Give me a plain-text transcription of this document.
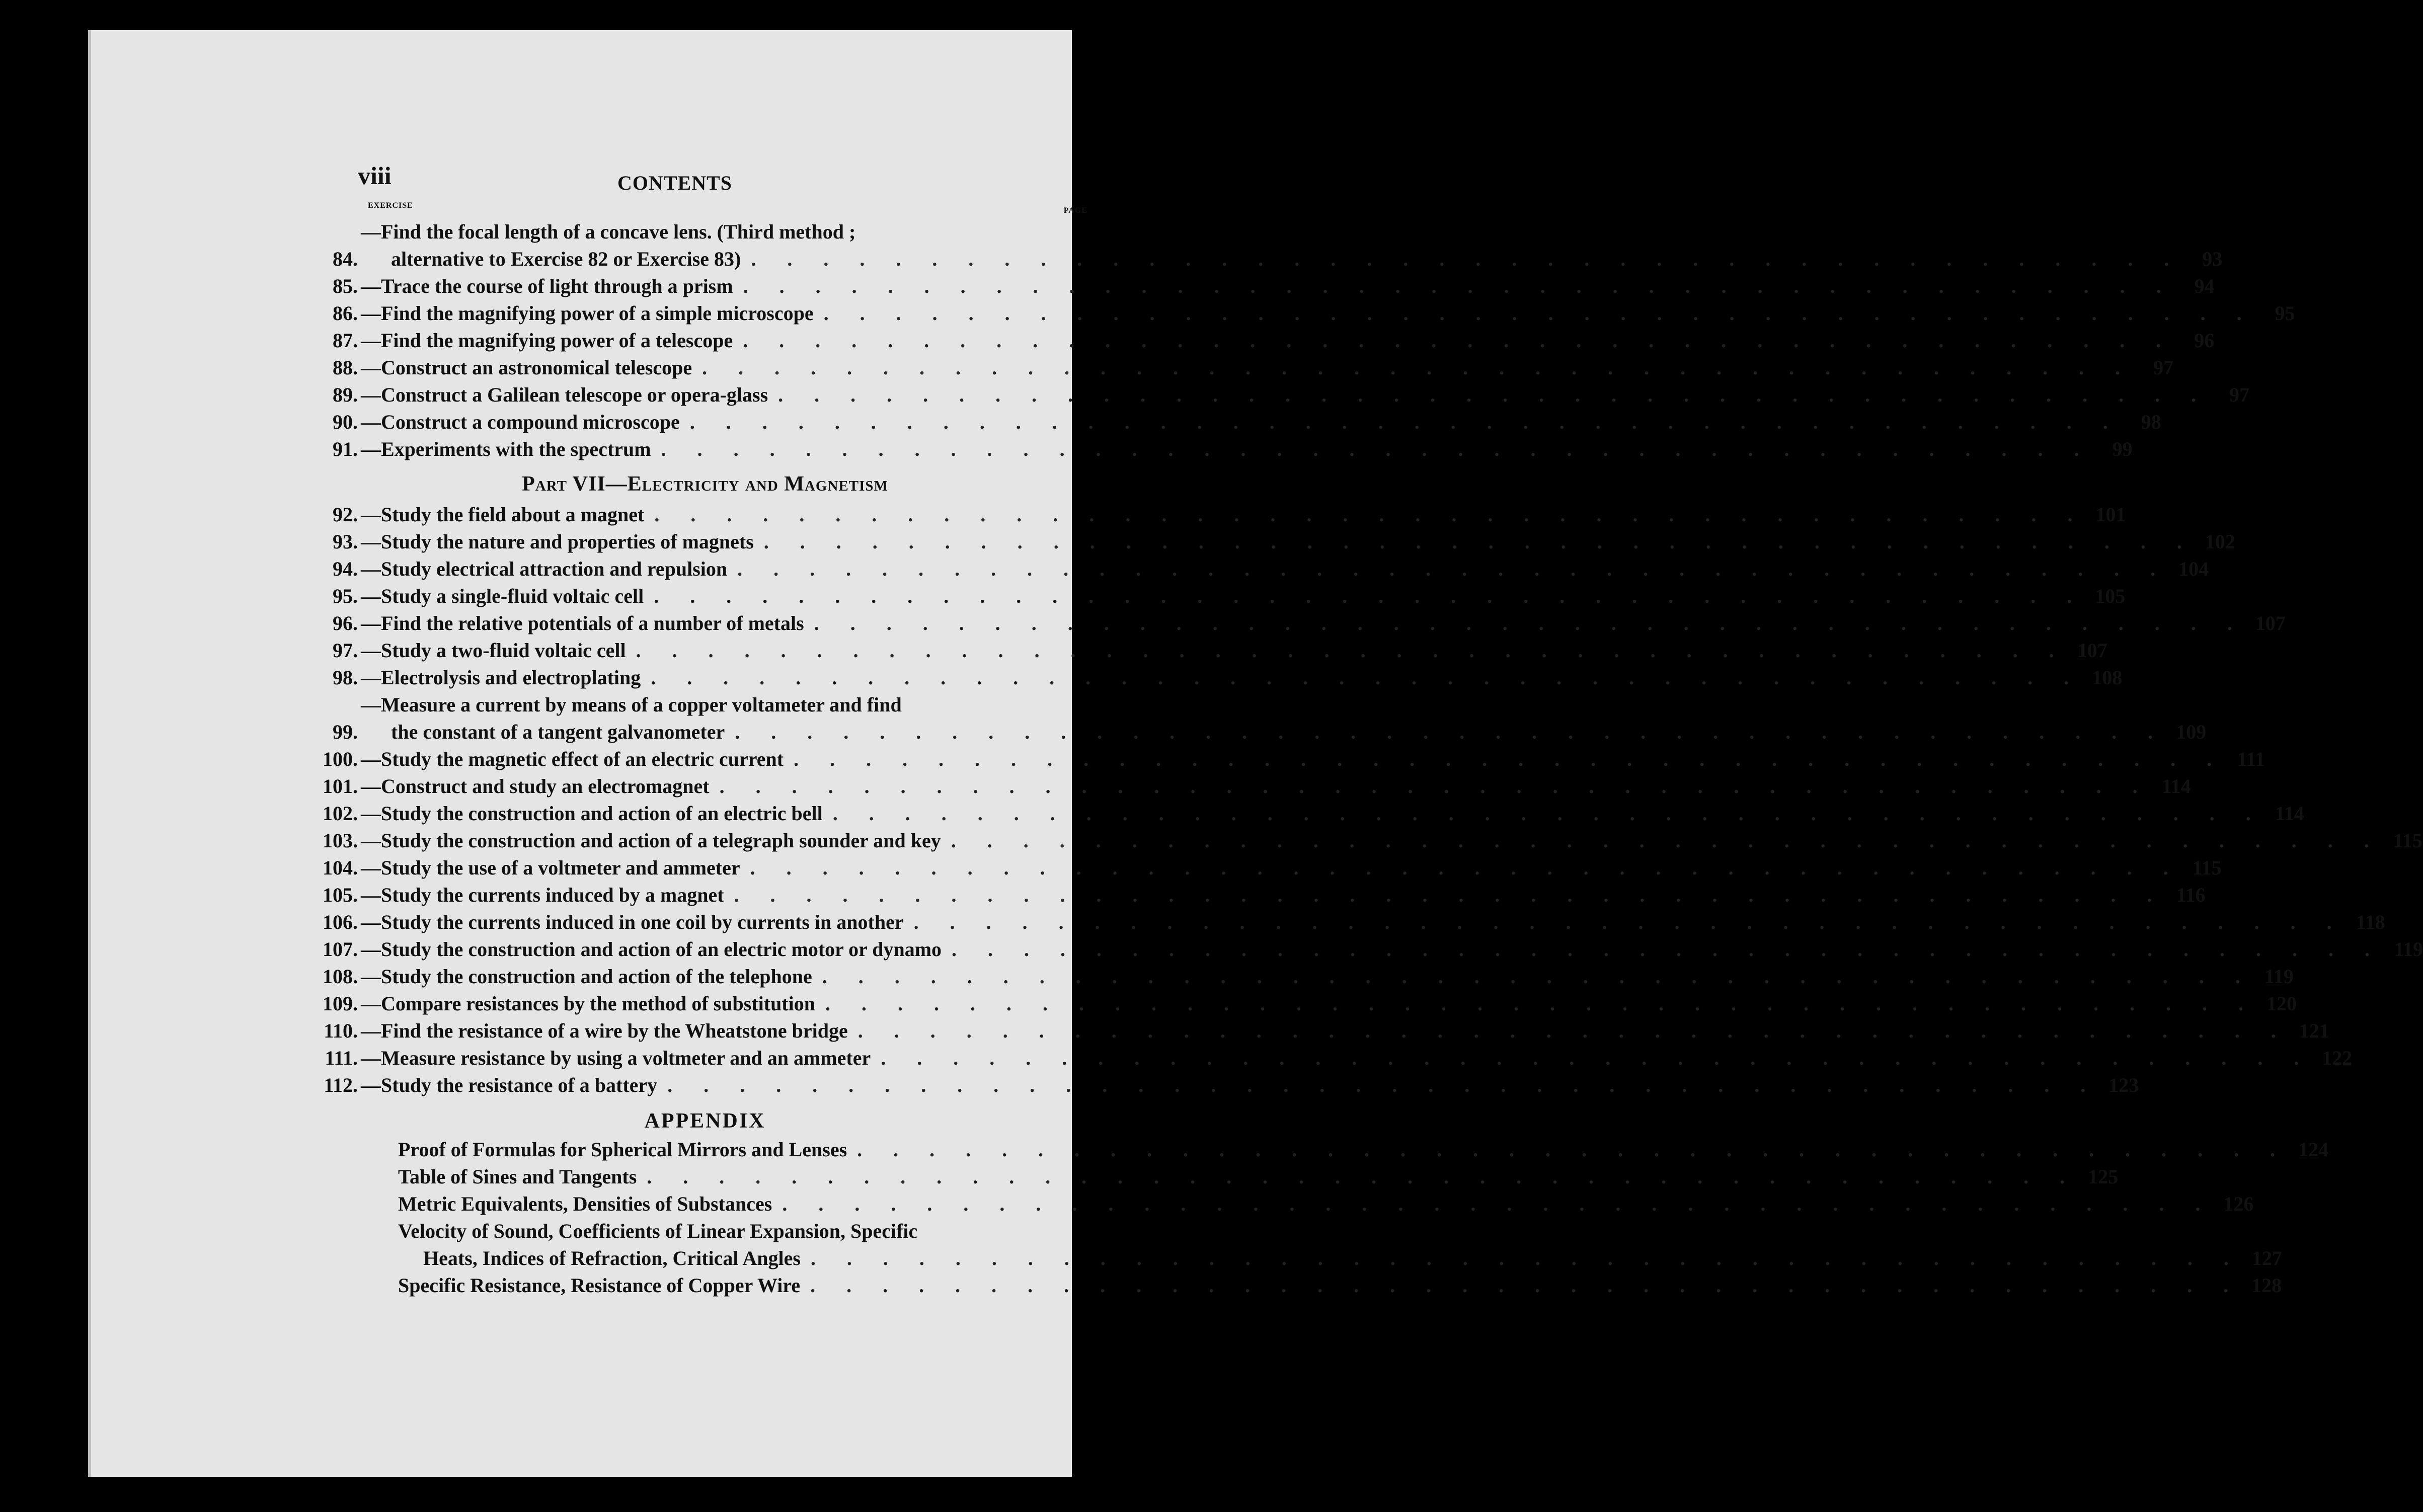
viii	CONTENTS
EXERCISE
PAGE
84.
—Find the focal length of a concave lens. (Third method ;
alternative to Exercise 82 or Exercise 83) . . . . . . . . . . . . . . . . . . . . . . . . . . . . . . . . . . . . . . . .	93
85. —Trace the course of light through a prism . . . . . . . . . . . . . . . . . . . . . . . . . . . . . . . . . . . . . . . .	94
86. —Find the magnifying power of a simple microscope . . . . . . . . . . . . . . . . . . . . . . . . . . . . . . . . . . . . . . . .	95
87. —Find the magnifying power of a telescope . . . . . . . . . . . . . . . . . . . . . . . . . . . . . . . . . . . . . . . .	96
88. —Construct an astronomical telescope . . . . . . . . . . . . . . . . . . . . . . . . . . . . . . . . . . . . . . . .	97
89. —Construct a Galilean telescope or opera-glass . . . . . . . . . . . . . . . . . . . . . . . . . . . . . . . . . . . . . . . .	97
90. —Construct a compound microscope . . . . . . . . . . . . . . . . . . . . . . . . . . . . . . . . . . . . . . . .	98
91. —Experiments with the spectrum . . . . . . . . . . . . . . . . . . . . . . . . . . . . . . . . . . . . . . . .	99
Part VII—Electricity and Magnetism
92. —Study the field about a magnet . . . . . . . . . . . . . . . . . . . . . . . . . . . . . . . . . . . . . . . . 101
93. —Study the nature and properties of magnets . . . . . . . . . . . . . . . . . . . . . . . . . . . . . . . . . . . . . . . . 102
94. —Study electrical attraction and repulsion . . . . . . . . . . . . . . . . . . . . . . . . . . . . . . . . . . . . . . . . 104
95. —Study a single-fluid voltaic cell . . . . . . . . . . . . . . . . . . . . . . . . . . . . . . . . . . . . . . . . 105
96. —Find the relative potentials of a number of metals . . . . . . . . . . . . . . . . . . . . . . . . . . . . . . . . . . . . . . . . 107
97. —Study a two-fluid voltaic cell . . . . . . . . . . . . . . . . . . . . . . . . . . . . . . . . . . . . . . . . 107
98. —Electrolysis and electroplating . . . . . . . . . . . . . . . . . . . . . . . . . . . . . . . . . . . . . . . . 108
99.
—Measure a current by means of a copper voltameter and find
the constant of a tangent galvanometer . . . . . . . . . . . . . . . . . . . . . . . . . . . . . . . . . . . . . . . . 109
100. —Study the magnetic effect of an electric current . . . . . . . . . . . . . . . . . . . . . . . . . . . . . . . . . . . . . . . . 111
101. —Construct and study an electromagnet . . . . . . . . . . . . . . . . . . . . . . . . . . . . . . . . . . . . . . . . 114
102. —Study the construction and action of an electric bell . . . . . . . . . . . . . . . . . . . . . . . . . . . . . . . . . . . . . . . . 114
103. —Study the construction and action of a telegraph sounder and key . . . . . . . . . . . . . . . . . . . . . . . . . . . . . . . . . . . . . . . . 115
104. —Study the use of a voltmeter and ammeter . . . . . . . . . . . . . . . . . . . . . . . . . . . . . . . . . . . . . . . . 115
105. —Study the currents induced by a magnet . . . . . . . . . . . . . . . . . . . . . . . . . . . . . . . . . . . . . . . . 116
106. —Study the currents induced in one coil by currents in another . . . . . . . . . . . . . . . . . . . . . . . . . . . . . . . . . . . . . . . . 118
107. —Study the construction and action of an electric motor or dynamo . . . . . . . . . . . . . . . . . . . . . . . . . . . . . . . . . . . . . . . . 119
108. —Study the construction and action of the telephone . . . . . . . . . . . . . . . . . . . . . . . . . . . . . . . . . . . . . . . . 119
109. —Compare resistances by the method of substitution . . . . . . . . . . . . . . . . . . . . . . . . . . . . . . . . . . . . . . . . 120
110. —Find the resistance of a wire by the Wheatstone bridge . . . . . . . . . . . . . . . . . . . . . . . . . . . . . . . . . . . . . . . . 121
111. —Measure resistance by using a voltmeter and an ammeter . . . . . . . . . . . . . . . . . . . . . . . . . . . . . . . . . . . . . . . . 122
112. —Study the resistance of a battery . . . . . . . . . . . . . . . . . . . . . . . . . . . . . . . . . . . . . . . . 123
APPENDIX
Proof of Formulas for Spherical Mirrors and Lenses . . . . . . . . . . . . . . . . . . . . . . . . . . . . . . . . . . . . . . . . 124
Table of Sines and Tangents . . . . . . . . . . . . . . . . . . . . . . . . . . . . . . . . . . . . . . . . 125
Metric Equivalents, Densities of Substances . . . . . . . . . . . . . . . . . . . . . . . . . . . . . . . . . . . . . . . . 126
Velocity of Sound, Coefficients of Linear Expansion, Specific
Heats, Indices of Refraction, Critical Angles . . . . . . . . . . . . . . . . . . . . . . . . . . . . . . . . . . . . . . . . 127
Specific Resistance, Resistance of Copper Wire . . . . . . . . . . . . . . . . . . . . . . . . . . . . . . . . . . . . . . . . 128
